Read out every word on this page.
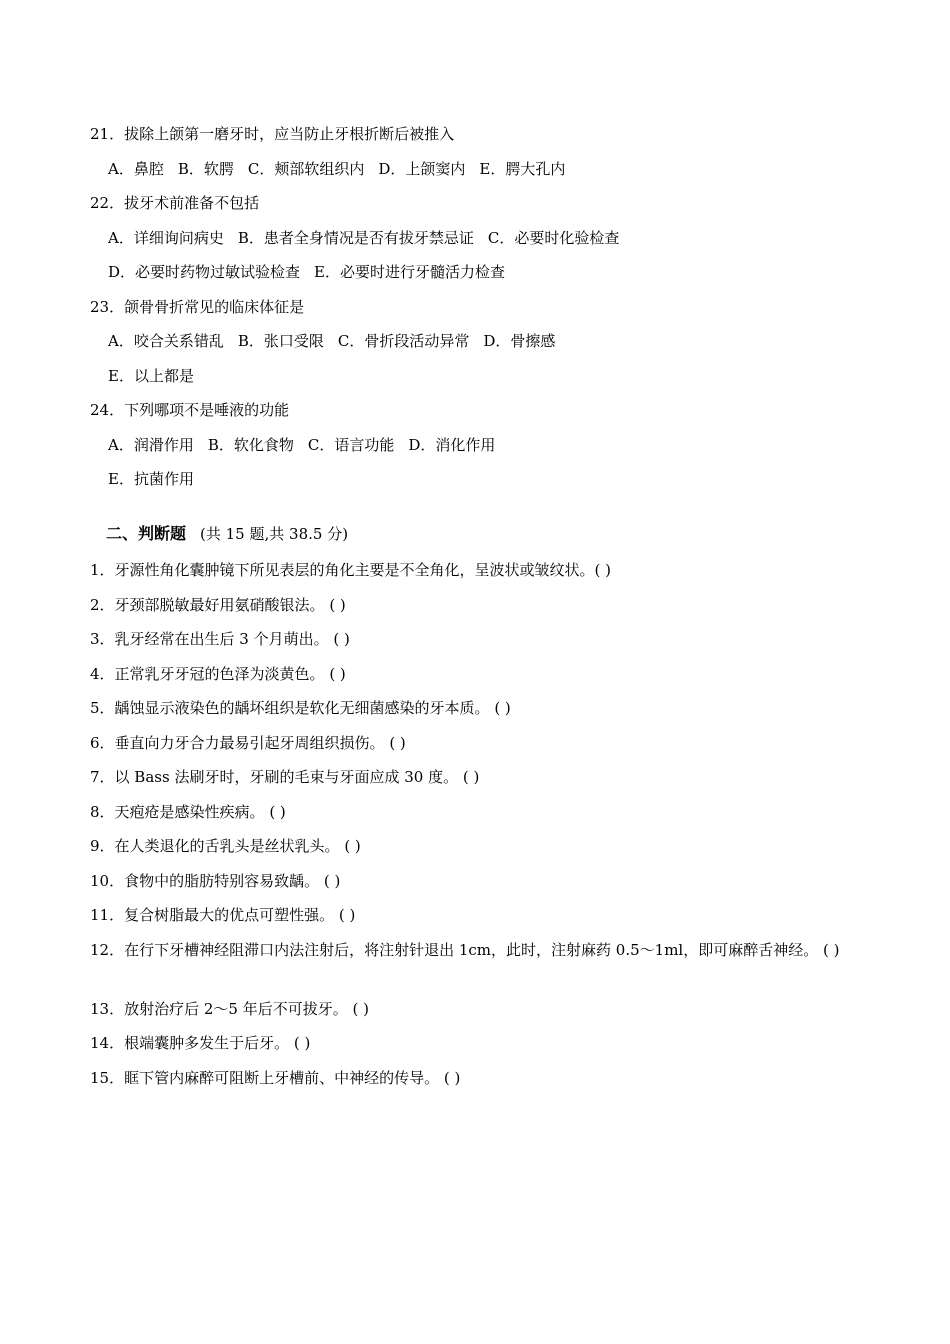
21．拔除上颌第一磨牙时，应当防止牙根折断后被推入
A．鼻腔 B．软腭 C．颊部软组织内 D．上颌窦内 E．腭大孔内
22．拔牙术前准备不包括
A．详细询问病史 B．患者全身情况是否有拔牙禁忌证 C．必要时化验检查
D．必要时药物过敏试验检查 E．必要时进行牙髓活力检查
23．颌骨骨折常见的临床体征是
A．咬合关系错乱 B．张口受限 C．骨折段活动异常 D．骨擦感
E．以上都是
24．下列哪项不是唾液的功能
A．润滑作用 B．软化食物 C．语言功能 D．消化作用
E．抗菌作用
二、判断题 (共 15 题,共 38.5 分)
1．牙源性角化囊肿镜下所见表层的角化主要是不全角化，呈波状或皱纹状。( )
2．牙颈部脱敏最好用氨硝酸银法。 ( )
3．乳牙经常在出生后 3 个月萌出。 ( )
4．正常乳牙牙冠的色泽为淡黄色。 ( )
5．龋蚀显示液染色的龋坏组织是软化无细菌感染的牙本质。 ( )
6．垂直向力牙合力最易引起牙周组织损伤。 ( )
7．以 Bass 法刷牙时，牙刷的毛束与牙面应成 30 度。 ( )
8．天疱疮是感染性疾病。 ( )
9．在人类退化的舌乳头是丝状乳头。 ( )
10．食物中的脂肪特别容易致龋。 ( )
11．复合树脂最大的优点可塑性强。 ( )
12．在行下牙槽神经阻滞口内法注射后，将注射针退出 1cm，此时，注射麻药 0.5～1ml，即可麻醉舌神经。 ( )
13．放射治疗后 2～5 年后不可拔牙。 ( )
14．根端囊肿多发生于后牙。 ( )
15．眶下管内麻醉可阻断上牙槽前、中神经的传导。 ( )
